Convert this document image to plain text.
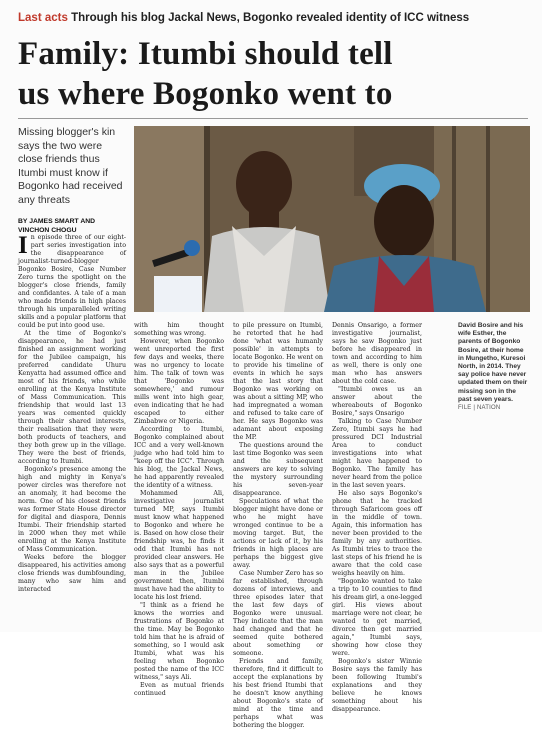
Last acts Through his blog Jackal News, Bogonko revealed identity of ICC witness
Family: Itumbi should tell
us where Bogonko went to
Missing blogger's kin says the two were close friends thus Itumbi must know if Bogonko had received any threats
BY JAMES SMART AND VINCHON CHOGU

In episode three of our eight-part series investigation into the disappearance of journalist-turned-blogger Bogonko Bosire, Case Number Zero turns the spotlight on the blogger's close friends, family and confidantes. A tale of a man who made friends in high places through his unparalleled writing skills and a popular platform that could be put into good use.

At the time of Bogonko's disappearance, he had just finished an assignment working for the Jubilee campaign, his preferred candidate Uhuru Kenyatta had assumed office and most of his friends, who while enrolling at the Kenya Institute of Mass Communication. This friendship that would last 13 years was cemented quickly through their shared interests, their realisation that they were both products of teachers, and they both grew up in the village. They were the best of friends, according to Itumbi.

Bogonko's presence among the high and mighty in Kenya's power circles was therefore not an anomaly, it had become the norm. One of his closest friends was former State House director for digital and diaspora, Dennis Itumbi. Their friendship started in 2000 when they met while enrolling at the Kenya Institute of Mass Communication.

Weeks before the blogger disappeared, his activities among close friends was dumbfounding, many who saw him and interacted

with him thought something was wrong.

However, when Bogonko went unreported the first few days and weeks, there was no urgency to locate him. The talk of town was that 'Bogonko was somewhere,' and rumour mills went into high gear, even indicating that he had escaped to either Zimbabwe or Nigeria.

According to Itumbi, Bogonko complained about ICC and a very well-known judge who had told him to "keep off the ICC". Through his blog, the Jackal News, he had apparently revealed the identity of a witness.

Mohammed Ali, investigative journalist turned MP, says Itumbi must know what happened to Bogonko and where he is. Based on how close their friendship was, he finds it odd that Itumbi has not provided clear answers. He also says that as a powerful man in the Jubilee government then, Itumbi must have had the ability to locate his lost friend.

"I think as a friend he knows the worries and frustrations of Bogonko at the time. May be Bogonko told him that he is afraid of something, so I would ask Itumbi, what was his feeling when Bogonko posted the name of the ICC witness," says Ali.

Even as mutual friends continued

to pile pressure on Itumbi, he retorted that he had done 'what was humanly possible' in attempts to locate Bogonko. He went on to provide his timeline of events in which he says that the last story that Bogonko was working on was about a sitting MP, who had impregnated a woman and refused to take care of her. He says Bogonko was adamant about exposing the MP.

The questions around the last time Bogonko was seen and the subsequent answers are key to solving the mystery surrounding his seven-year disappearance.

Speculations of what the blogger might have done or who he might have wronged continue to be a moving target. But, the actions or lack of it, by his friends in high places are perhaps the biggest give away.

Case Number Zero has so far established, through dozens of interviews, and three episodes later that the last few days of Bogonko were unusual. They indicate that the man had changed and that he seemed quite bothered about something or someone.

Friends and family, therefore, find it difficult to accept the explanations by his best friend Itumbi that he doesn't know anything about Bogonko's state of mind at the time and perhaps what was bothering the blogger.

Dennis Onsarigo, a former investigative journalist, says he saw Bogonko just before he disappeared in town and according to him as well, there is only one man who has answers about the cold case.

"Itumbi owes us an answer about the whereabouts of Bogonko Bosire," says Onsarigo

Talking to Case Number Zero, Itumbi says he had pressured DCI Industrial Area to conduct investigations into what might have happened to Bogonko. The family has never heard from the police in the last seven years.

He also says Bogonko's phone that he tracked through Safaricom goes off in the middle of town. Again, this information has never been provided to the family by any authorities. As Itumbi tries to trace the last steps of his friend he is aware that the cold case weighs heavily on him.

"Bogonko wanted to take a trip to 10 counties to find his dream girl, a one-legged girl. His views about marriage were not clear, he wanted to get married, divorce then get married again," Itumbi says, showing how close they were.

Bogonko's sister Winnie Bosire says the family has been following Itumbi's explanations and they believe he knows something about his disappearance.

David Bosire and his wife Esther, the parents of Bogonko Bosire, at their home in Mungetho, Kuresoi North, in 2014. They say police have never updated them on their missing son in the past seven years. FILE | NATION
